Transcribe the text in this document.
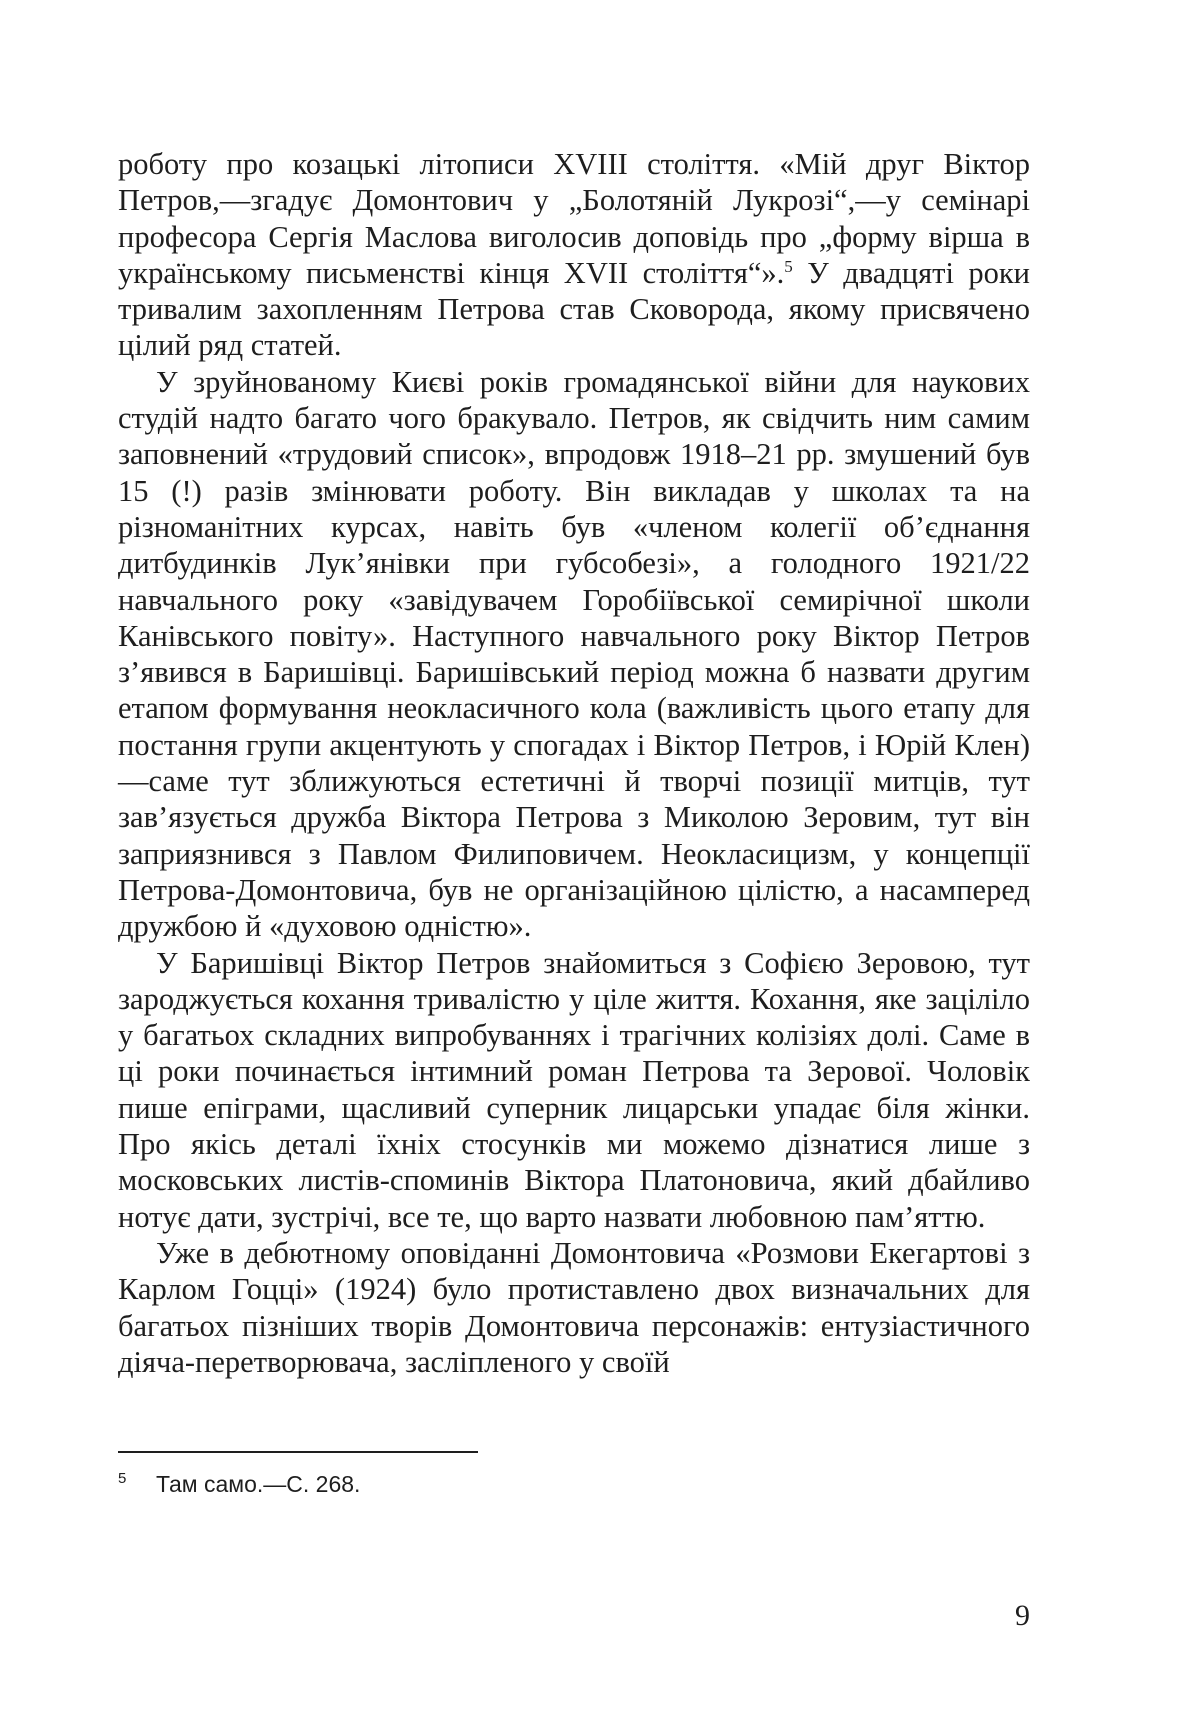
роботу про козацькі літописи XVIII століття. «Мій друг Віктор Петров,—згадує Домонтович у „Болотяній Лукрозі“,—у семінарі професора Сергія Маслова виголосив доповідь про „форму вірша в українському письменстві кінця XVII століття“».$^5$ У двадцяті роки тривалим захопленням Петрова став Сковорода, якому присвячено цілий ряд статей.

У зруйнованому Києві років громадянської війни для наукових студій надто багато чого бракувало. Петров, як свідчить ним самим заповнений «трудовий список», впродовж 1918–21 рр. змушений був 15 (!) разів змінювати роботу. Він викладав у школах та на різноманітних курсах, навіть був «членом колегії об’єднання дитбудинків Лук’янівки при губсобезі», а голодного 1921/22 навчального року «завідувачем Горобіївської семирічної школи Канівського повіту». Наступного навчального року Віктор Петров з’явився в Баришівці. Баришівський період можна б назвати другим етапом формування неокласичного кола (важливість цього етапу для постання групи акцентують у спогадах і Віктор Петров, і Юрій Клен)—саме тут зближуються естетичні й творчі позиції митців, тут зав’язується дружба Віктора Петрова з Миколою Зеровим, тут він заприязнився з Павлом Филиповичем. Неокласицизм, у концепції Петрова-Домонтовича, був не організаційною цілістю, а насамперед дружбою й «духовою одністю».

У Баришівці Віктор Петров знайомиться з Софією Зеровою, тут зароджується кохання тривалістю у ціле життя. Кохання, яке заціліло у багатьох складних випробуваннях і трагічних колізіях долі. Саме в ці роки починається інтимний роман Петрова та Зерової. Чоловік пише епіграми, щасливий суперник лицарськи упадає біля жінки. Про якісь деталі їхніх стосунків ми можемо дізнатися лише з московських листів-споминів Віктора Платоновича, який дбайливо нотує дати, зустрічі, все те, що варто назвати любовною пам’яттю.

Уже в дебютному оповіданні Домонтовича «Розмови Екегартові з Карлом Гоцці» (1924) було протиставлено двох визначальних для багатьох пізніших творів Домонтовича персонажів: ентузіастичного діяча-перетворювача, засліпленого у своїй

5 Там само.—С. 268.
9
